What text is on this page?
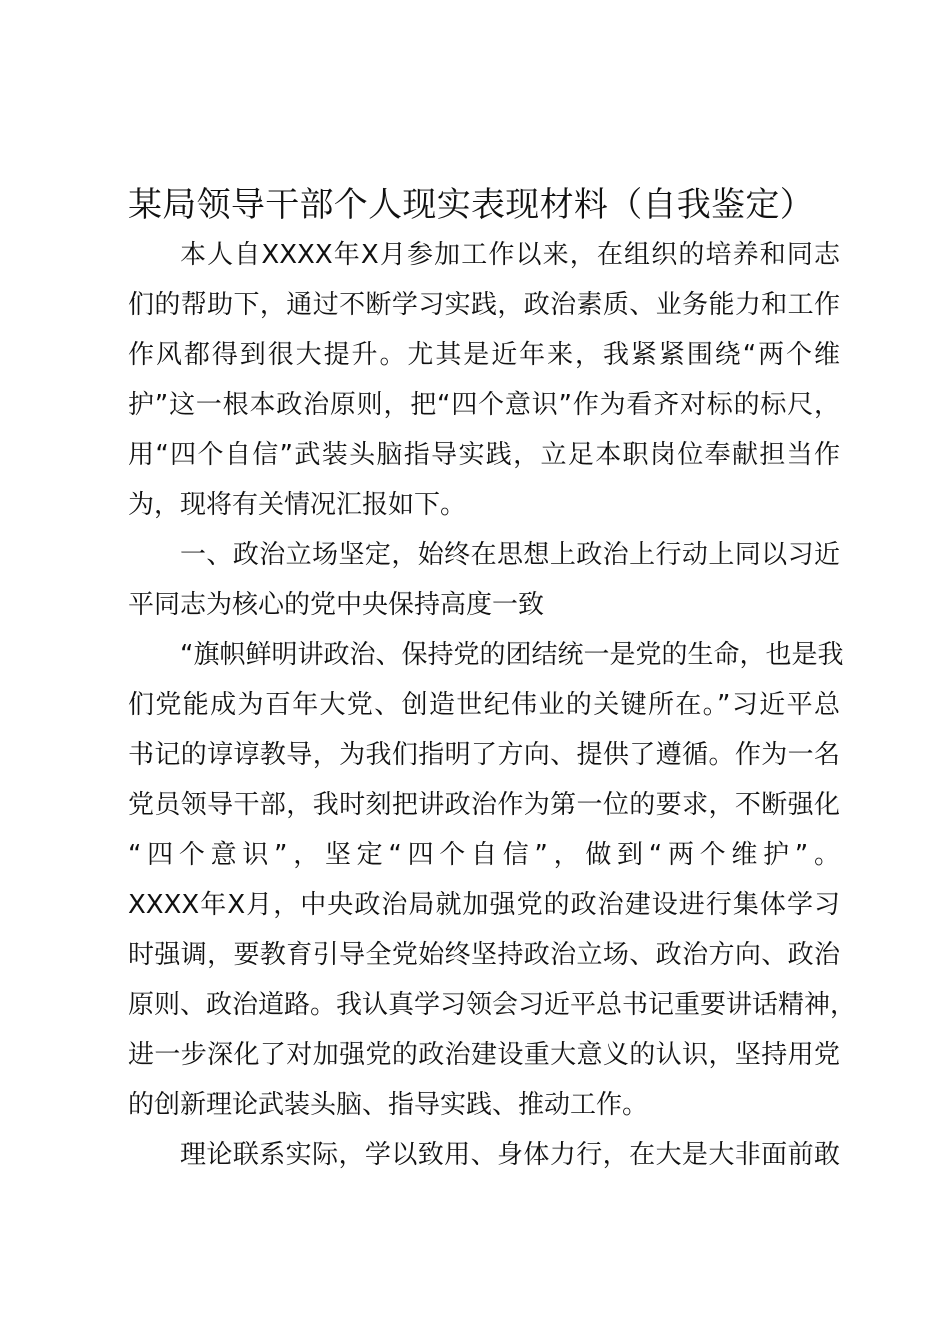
某局领导干部个人现实表现材料（自我鉴定）
本人自XXXX年X月参加工作以来，在组织的培养和同志
们的帮助下，通过不断学习实践，政治素质、业务能力和工作
作风都得到很大提升。尤其是近年来，我紧紧围绕“两个维
护”这一根本政治原则，把“四个意识”作为看齐对标的标尺，
用“四个自信”武装头脑指导实践，立足本职岗位奉献担当作
为，现将有关情况汇报如下。
一、政治立场坚定，始终在思想上政治上行动上同以习近
平同志为核心的党中央保持高度一致
“旗帜鲜明讲政治、保持党的团结统一是党的生命，也是我
们党能成为百年大党、创造世纪伟业的关键所在。”习近平总
书记的谆谆教导，为我们指明了方向、提供了遵循。作为一名
党员领导干部，我时刻把讲政治作为第一位的要求，不断强化
“四个意识”，坚定“四个自信”，做到“两个维护”。
XXXX年X月，中央政治局就加强党的政治建设进行集体学习
时强调，要教育引导全党始终坚持政治立场、政治方向、政治
原则、政治道路。我认真学习领会习近平总书记重要讲话精神，
进一步深化了对加强党的政治建设重大意义的认识，坚持用党
的创新理论武装头脑、指导实践、推动工作。
理论联系实际，学以致用、身体力行，在大是大非面前敢
